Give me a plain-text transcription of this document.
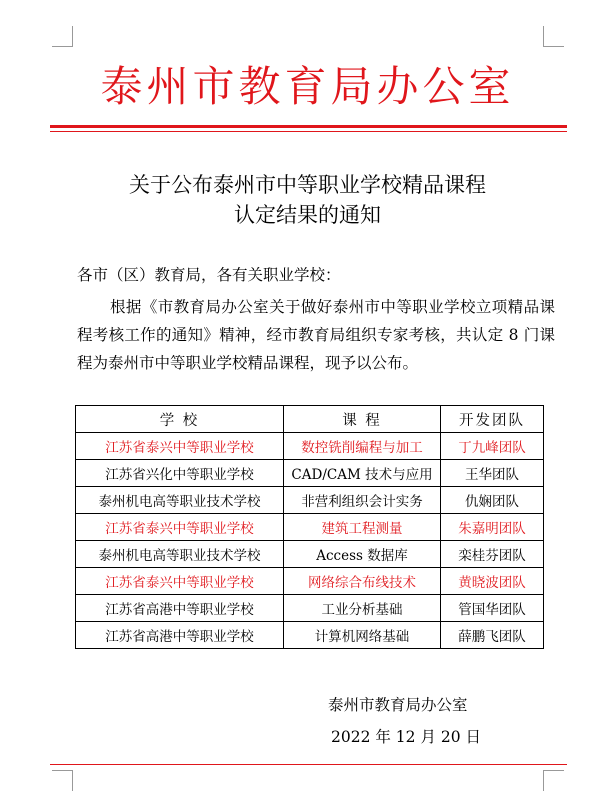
泰州市教育局办公室
关于公布泰州市中等职业学校精品课程
认定结果的通知
各市（区）教育局，各有关职业学校：
根据《市教育局办公室关于做好泰州市中等职业学校立项精品课程考核工作的通知》精神，经市教育局组织专家考核，共认定 8 门课程为泰州市中等职业学校精品课程，现予以公布。
学 校	课 程	开发团队
江苏省泰兴中等职业学校	数控铣削编程与加工	丁九峰团队
江苏省兴化中等职业学校	CAD/CAM 技术与应用	王华团队
泰州机电高等职业技术学校	非营利组织会计实务	仇娴团队
江苏省泰兴中等职业学校	建筑工程测量	朱嘉明团队
泰州机电高等职业技术学校	Access 数据库	栾桂芬团队
江苏省泰兴中等职业学校	网络综合布线技术	黄晓波团队
江苏省高港中等职业学校	工业分析基础	管国华团队
江苏省高港中等职业学校	计算机网络基础	薛鹏飞团队
泰州市教育局办公室
2022 年 12 月 20 日
